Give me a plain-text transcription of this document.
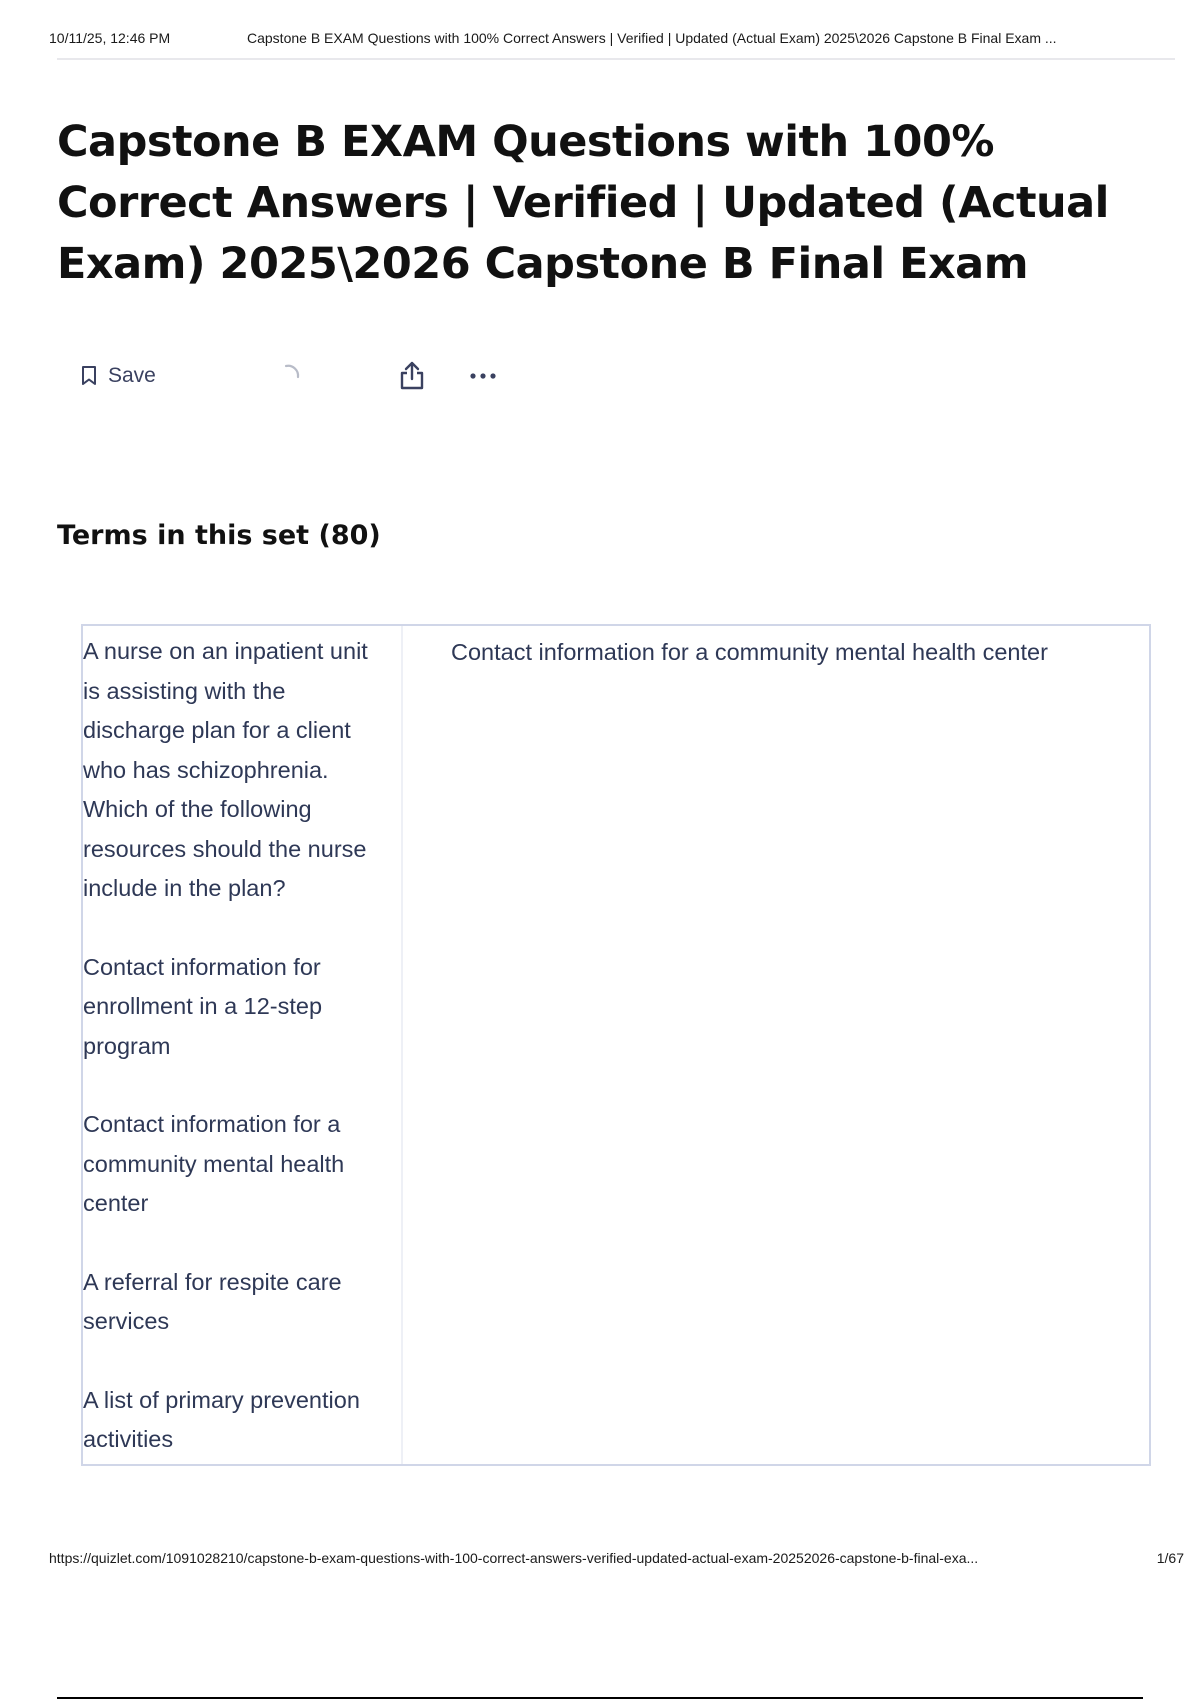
10/11/25, 12:46 PM	Capstone B EXAM Questions with 100% Correct Answers | Verified | Updated (Actual Exam) 2025\2026 Capstone B Final Exam ...
Capstone B EXAM Questions with 100% Correct Answers | Verified | Updated (Actual Exam) 2025\2026 Capstone B Final Exam
Save
Terms in this set (80)

A nurse on an inpatient unit is assisting with the discharge plan for a client who has schizophrenia. Which of the following resources should the nurse include in the plan?

Contact information for enrollment in a 12-step program

Contact information for a community mental health center

A referral for respite care services

A list of primary prevention activities

Contact information for a community mental health center
https://quizlet.com/1091028210/capstone-b-exam-questions-with-100-correct-answers-verified-updated-actual-exam-20252026-capstone-b-final-exa...	1/67
